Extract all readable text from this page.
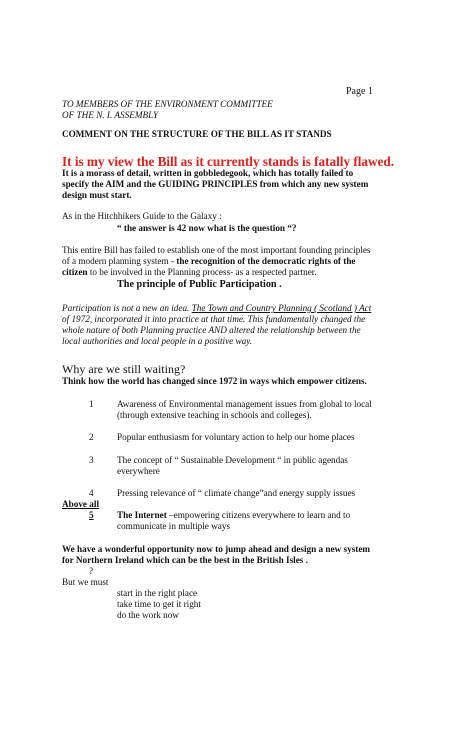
Page 1
TO MEMBERS OF THE ENVIRONMENT COMMITTEE
OF THE N. I. ASSEMBLY
COMMENT ON THE STRUCTURE OF THE BILL AS IT STANDS
It is my view the Bill as it currently stands is fatally flawed.
It is a morass of detail, written in gobbledegook, which has totally failed to
specify the AIM and the GUIDING PRINCIPLES from which any new system
design must start.
As in the Hitchhikers Guide to the Galaxy :
“ the answer is 42 now what is the question “?
This entire Bill has failed to establish one of the most important founding principles
of a modern planning system - the recognition of the democratic rights of the
citizen to be involved in the Planning process- as a respected partner.
The principle of Public Participation .
Participation is not a new an idea. The Town and Country Planning ( Scotland ) Act
of 1972, incorporated it into practice at that time. This fundamentally changed the
whole nature of both Planning practice AND altered the relationship between the
local authorities and local people in a positive way.
Why are we still waiting?
Think how the world has changed since 1972 in ways which empower citizens.
1	Awareness of Environmental management issues from global to local
(through extensive teaching in schools and colleges).
2	Popular enthusiasm for voluntary action to help our home places
3	The concept of “ Sustainable Development “ in public agendas
everywhere
4	Pressing relevance of “ climate change”and energy supply issues
Above all
5	The Internet –empowering citizens everywhere to learn and to
communicate in multiple ways
We have a wonderful opportunity now to jump ahead and design a new system
for Northern Ireland which can be the best in the British Isles .
?
But we must
start in the right place
take time to get it right
do the work now
